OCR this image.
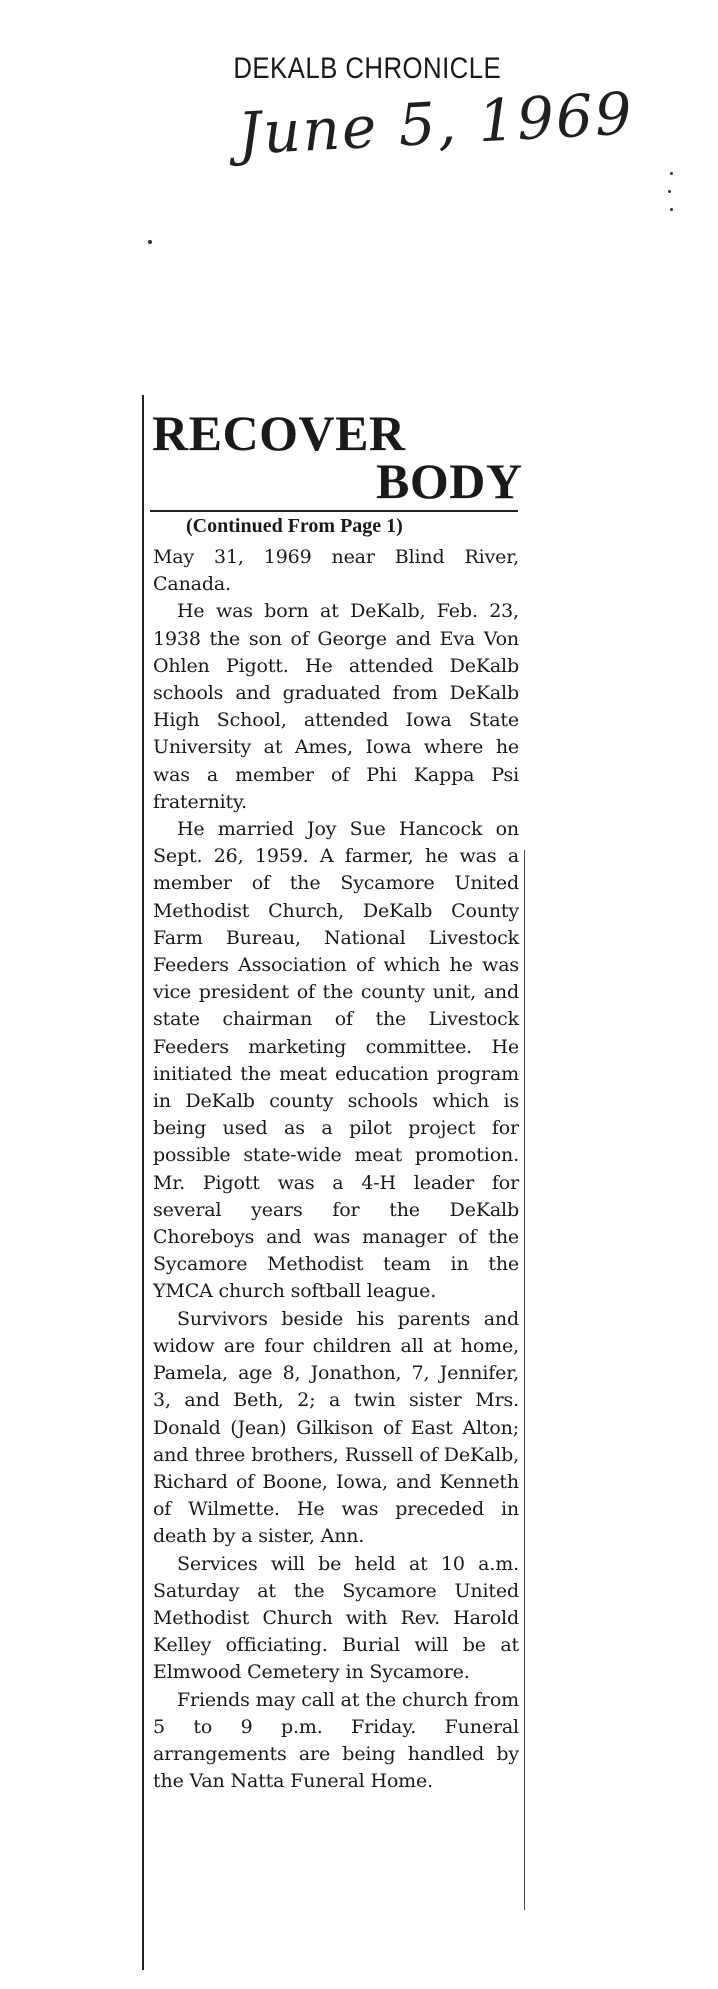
DEKALB CHRONICLE
June 5, 1969
RECOVER
BODY
(Continued From Page 1)

May 31, 1969 near Blind River, Canada.

He was born at DeKalb, Feb. 23, 1938 the son of George and Eva Von Ohlen Pigott. He attended DeKalb schools and graduated from DeKalb High School, attended Iowa State University at Ames, Iowa where he was a member of Phi Kappa Psi fraternity.

He married Joy Sue Hancock on Sept. 26, 1959. A farmer, he was a member of the Sycamore United Methodist Church, DeKalb County Farm Bureau, National Livestock Feeders Association of which he was vice president of the county unit, and state chairman of the Livestock Feeders marketing committee. He initiated the meat education program in DeKalb county schools which is being used as a pilot project for possible state-wide meat promotion. Mr. Pigott was a 4-H leader for several years for the DeKalb Choreboys and was manager of the Sycamore Methodist team in the YMCA church softball league.

Survivors beside his parents and widow are four children all at home, Pamela, age 8, Jonathon, 7, Jennifer, 3, and Beth, 2; a twin sister Mrs. Donald (Jean) Gilkison of East Alton; and three brothers, Russell of DeKalb, Richard of Boone, Iowa, and Kenneth of Wilmette. He was preceded in death by a sister, Ann.

Services will be held at 10 a.m. Saturday at the Sycamore United Methodist Church with Rev. Harold Kelley officiating. Burial will be at Elmwood Cemetery in Sycamore.

Friends may call at the church from 5 to 9 p.m. Friday. Funeral arrangements are being handled by the Van Natta Funeral Home.
